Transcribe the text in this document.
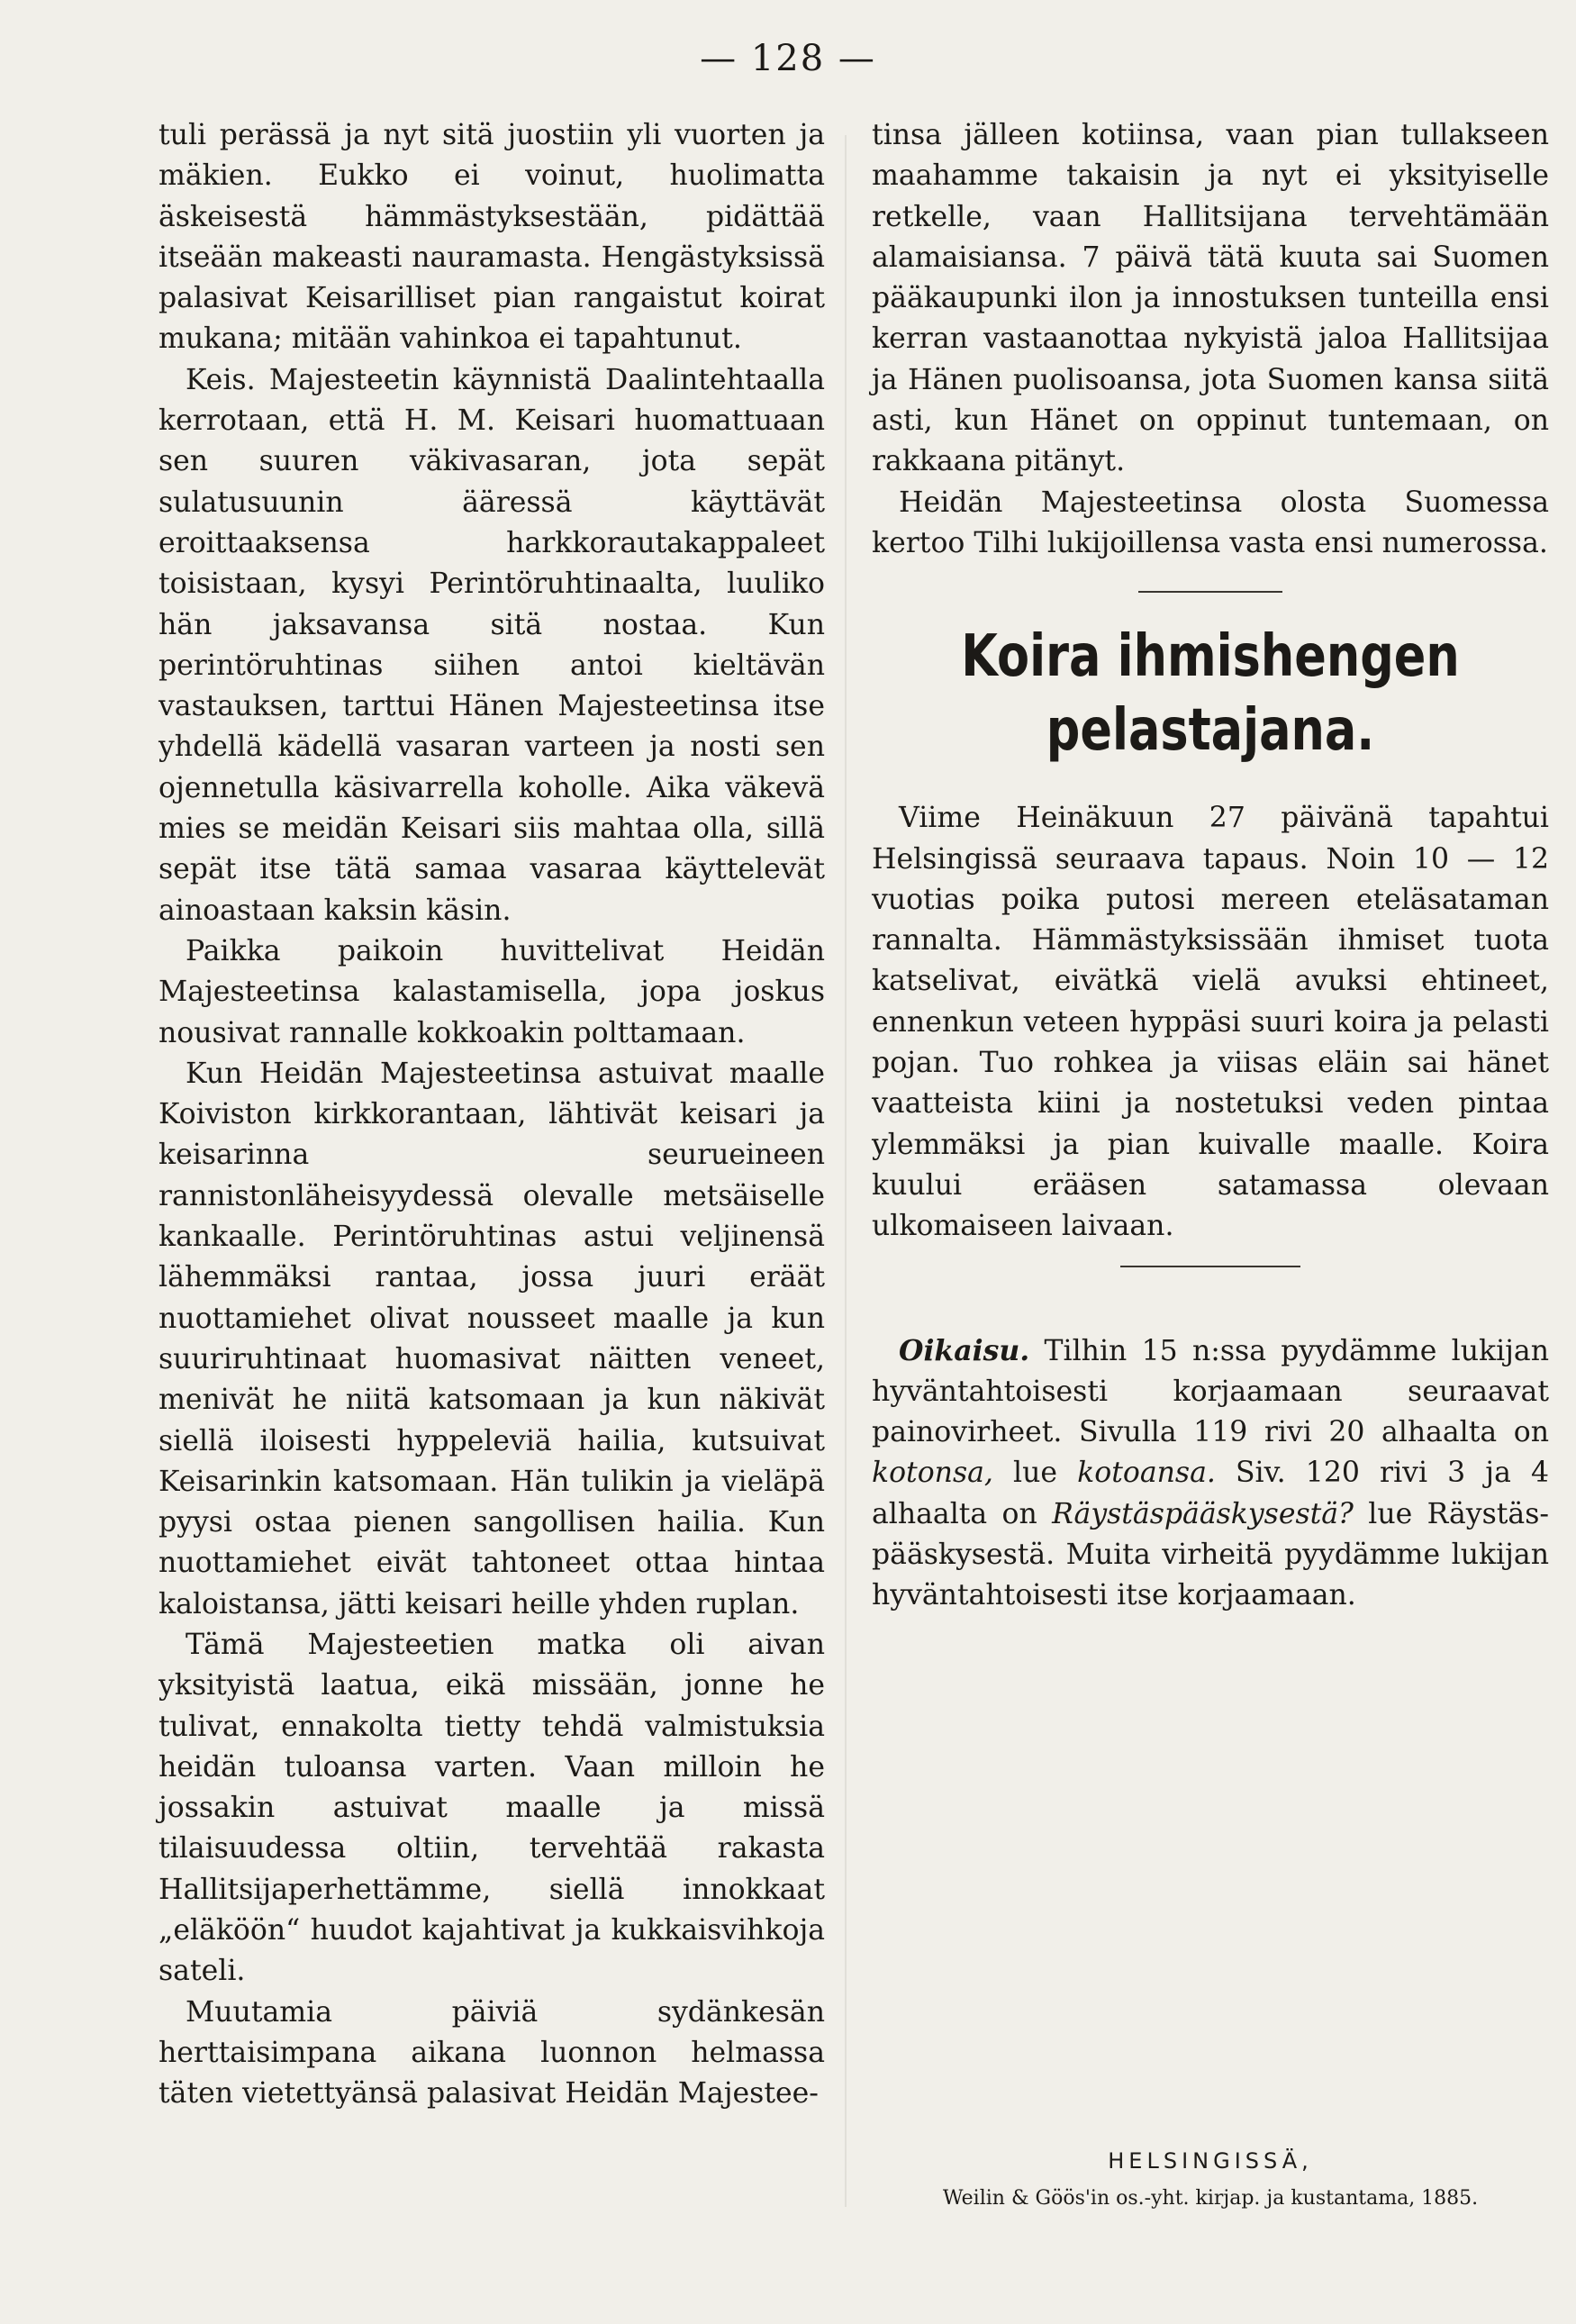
— 128 —

tuli perässä ja nyt sitä juostiin yli vuorten ja mäkien. Eukko ei voinut, huolimatta äskeisestä hämmästyksestään, pidättää itseään makeasti nauramasta. Hengästyksissä palasivat Keisarilliset pian rangaistut koirat mukana; mitään vahinkoa ei tapahtunut.

Keis. Majesteetin käynnistä Daalintehtaalla kerrotaan, että H. M. Keisari huomattuaan sen suuren väkivasaran, jota sepät sulatusuunin ääressä käyttävät eroittaaksensa harkkorautakappaleet toisistaan, kysyi Perintöruhtinaalta, luuliko hän jaksavansa sitä nostaa. Kun perintöruhtinas siihen antoi kieltävän vastauksen, tarttui Hänen Majesteetinsa itse yhdellä kädellä vasaran varteen ja nosti sen ojennetulla käsivarrella koholle. Aika väkevä mies se meidän Keisari siis mahtaa olla, sillä sepät itse tätä samaa vasaraa käyttelevät ainoastaan kaksin käsin.

Paikka paikoin huvittelivat Heidän Majesteetinsa kalastamisella, jopa joskus nousivat rannalle kokkoakin polttamaan.

Kun Heidän Majesteetinsa astuivat maalle Koiviston kirkkorantaan, lähtivät keisari ja keisarinna seurueineen rannistonläheisyydessä olevalle metsäiselle kankaalle. Perintöruhtinas astui veljinensä lähemmäksi rantaa, jossa juuri eräät nuottamiehet olivat nousseet maalle ja kun suuriruhtinaat huomasivat näitten veneet, menivät he niitä katsomaan ja kun näkivät siellä iloisesti hyppeleviä hailia, kutsuivat Keisarinkin katsomaan. Hän tulikin ja vieläpä pyysi ostaa pienen sangollisen hailia. Kun nuottamiehet eivät tahtoneet ottaa hintaa kaloistansa, jätti keisari heille yhden ruplan.

Tämä Majesteetien matka oli aivan yksityistä laatua, eikä missään, jonne he tulivat, ennakolta tietty tehdä valmistuksia heidän tuloansa varten. Vaan milloin he jossakin astuivat maalle ja missä tilaisuudessa oltiin, tervehtää rakasta Hallitsijaperhettämme, siellä innokkaat „eläköön“ huudot kajahtivat ja kukkaisvihkoja sateli.

Muutamia päiviä sydänkesän herttaisimpana aikana luonnon helmassa täten vietettyänsä palasivat Heidän Majestee-

tinsa jälleen kotiinsa, vaan pian tullakseen maahamme takaisin ja nyt ei yksityiselle retkelle, vaan Hallitsijana tervehtämään alamaisiansa. 7 päivä tätä kuuta sai Suomen pääkaupunki ilon ja innostuksen tunteilla ensi kerran vastaanottaa nykyistä jaloa Hallitsijaa ja Hänen puolisoansa, jota Suomen kansa siitä asti, kun Hänet on oppinut tuntemaan, on rakkaana pitänyt.

Heidän Majesteetinsa olosta Suomessa kertoo Tilhi lukijoillensa vasta ensi numerossa.

Koira ihmishengen
pelastajana.

Viime Heinäkuun 27 päivänä tapahtui Helsingissä seuraava tapaus. Noin 10 — 12 vuotias poika putosi mereen eteläsataman rannalta. Hämmästyksissään ihmiset tuota katselivat, eivätkä vielä avuksi ehtineet, ennenkun veteen hyppäsi suuri koira ja pelasti pojan. Tuo rohkea ja viisas eläin sai hänet vaatteista kiini ja nostetuksi veden pintaa ylemmäksi ja pian kuivalle maalle. Koira kuului erääsen satamassa olevaan ulkomaiseen laivaan.

Oikaisu. Tilhin 15 n:ssa pyydämme lukijan hyväntahtoisesti korjaamaan seuraavat painovirheet. Sivulla 119 rivi 20 alhaalta on kotonsa, lue kotoansa. Siv. 120 rivi 3 ja 4 alhaalta on Räystäspääskysestä? lue Räystäs-pääskysestä. Muita virheitä pyydämme lukijan hyväntahtoisesti itse korjaamaan.

HELSINGISSÄ,
Weilin & Göös'in os.-yht. kirjap. ja kustantama, 1885.
